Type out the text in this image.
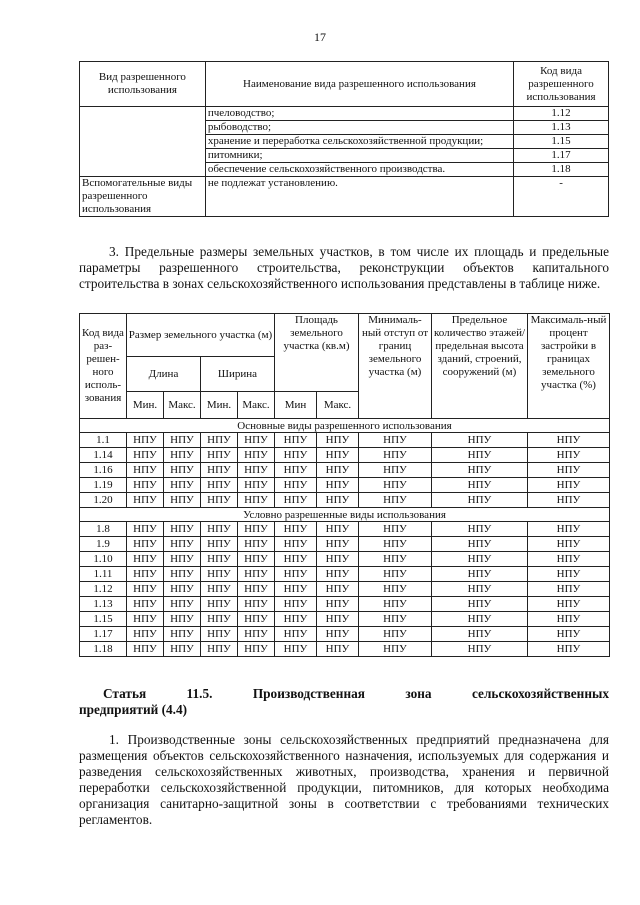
17
Вид разрешенного использования	Наименование вида разрешенного использования	Код вида разрешенного использования
	пчеловодство;	1.12
	рыбоводство;	1.13
	хранение и переработка сельскохозяйственной продукции;	1.15
	питомники;	1.17
	обеспечение сельскохозяйственного производства.	1.18
Вспомогательные виды разрешенного использования	не подлежат установлению.	-
3. Предельные размеры земельных участков, в том числе их площадь и предельные параметры разрешенного строительства, реконструкции объектов капитального строительства в зонах сельскохозяйственного использования представлены в таблице ниже.
Код вида раз-решен-ного исполь-зования	Размер земельного участка (м)				Площадь земельного участка (кв.м)		Минималь-ный отступ от границ земельного участка (м)	Предельное количество этажей/ предельная высота зданий, строений, сооружений (м)	Максималь-ный процент застройки в границах земельного участка (%)
	Длина		Ширина						
	Мин.	Макс.	Мин.	Макс.	Мин	Макс.			
Основные виды разрешенного использования									
1.1	НПУ	НПУ	НПУ	НПУ	НПУ	НПУ	НПУ	НПУ	НПУ
1.14	НПУ	НПУ	НПУ	НПУ	НПУ	НПУ	НПУ	НПУ	НПУ
1.16	НПУ	НПУ	НПУ	НПУ	НПУ	НПУ	НПУ	НПУ	НПУ
1.19	НПУ	НПУ	НПУ	НПУ	НПУ	НПУ	НПУ	НПУ	НПУ
1.20	НПУ	НПУ	НПУ	НПУ	НПУ	НПУ	НПУ	НПУ	НПУ
Условно разрешенные виды использования									
1.8	НПУ	НПУ	НПУ	НПУ	НПУ	НПУ	НПУ	НПУ	НПУ
1.9	НПУ	НПУ	НПУ	НПУ	НПУ	НПУ	НПУ	НПУ	НПУ
1.10	НПУ	НПУ	НПУ	НПУ	НПУ	НПУ	НПУ	НПУ	НПУ
1.11	НПУ	НПУ	НПУ	НПУ	НПУ	НПУ	НПУ	НПУ	НПУ
1.12	НПУ	НПУ	НПУ	НПУ	НПУ	НПУ	НПУ	НПУ	НПУ
1.13	НПУ	НПУ	НПУ	НПУ	НПУ	НПУ	НПУ	НПУ	НПУ
1.15	НПУ	НПУ	НПУ	НПУ	НПУ	НПУ	НПУ	НПУ	НПУ
1.17	НПУ	НПУ	НПУ	НПУ	НПУ	НПУ	НПУ	НПУ	НПУ
1.18	НПУ	НПУ	НПУ	НПУ	НПУ	НПУ	НПУ	НПУ	НПУ
Статья 11.5.	Производственная	зона	сельскохозяйственных
предприятий (4.4)
1. Производственные зоны сельскохозяйственных предприятий предназначена для размещения объектов сельскохозяйственного назначения, используемых для содержания и разведения сельскохозяйственных животных, производства, хранения и первичной переработки сельскохозяйственной продукции, питомников, для которых необходима организация санитарно-защитной зоны в соответствии с требованиями технических регламентов.
